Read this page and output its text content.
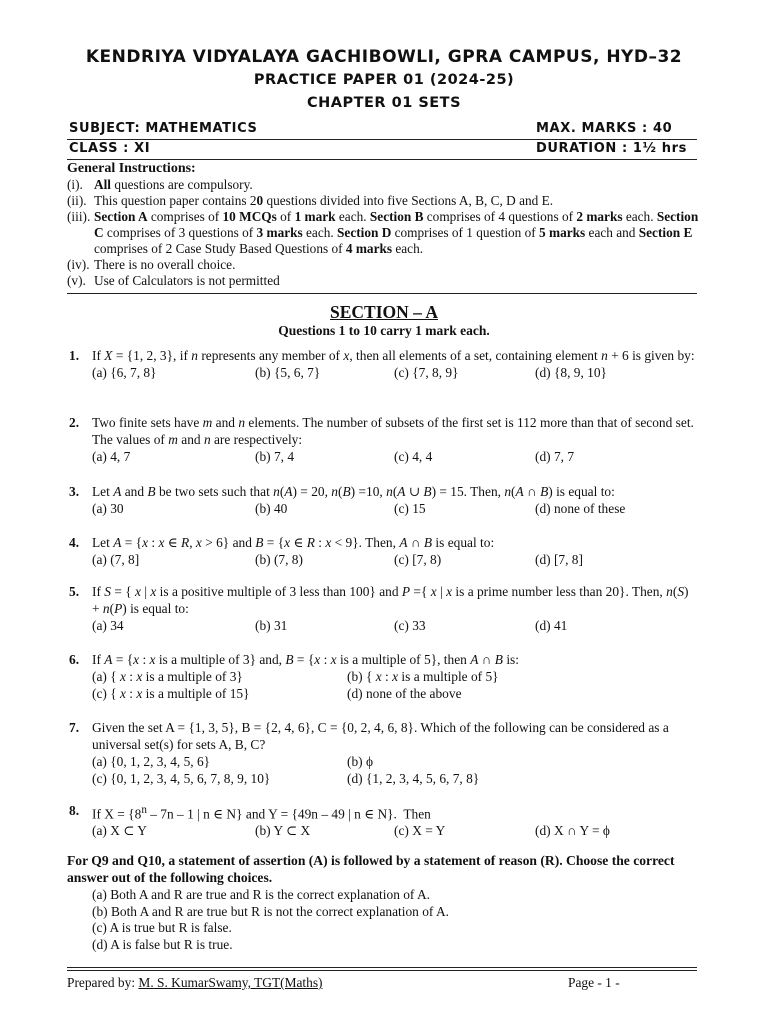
KENDRIYA VIDYALAYA GACHIBOWLI, GPRA CAMPUS, HYD–32
PRACTICE PAPER 01 (2024-25)
CHAPTER 01 SETS
SUBJECT: MATHEMATICS	MAX. MARKS : 40
CLASS : XI	DURATION : 1½ hrs
General Instructions:
(i). All questions are compulsory.
(ii). This question paper contains 20 questions divided into five Sections A, B, C, D and E.
(iii). Section A comprises of 10 MCQs of 1 mark each. Section B comprises of 4 questions of 2 marks each. Section C comprises of 3 questions of 3 marks each. Section D comprises of 1 question of 5 marks each and Section E comprises of 2 Case Study Based Questions of 4 marks each.
(iv). There is no overall choice.
(v). Use of Calculators is not permitted
SECTION – A
Questions 1 to 10 carry 1 mark each.
1. If X = {1, 2, 3}, if n represents any member of x, then all elements of a set, containing element n + 6 is given by:
(a) {6, 7, 8}	(b) {5, 6, 7}	(c) {7, 8, 9}	(d) {8, 9, 10}
2. Two finite sets have m and n elements. The number of subsets of the first set is 112 more than that of second set. The values of m and n are respectively:
(a) 4, 7	(b) 7, 4	(c) 4, 4	(d) 7, 7
3. Let A and B be two sets such that n(A) = 20, n(B) =10, n(A ∪ B) = 15. Then, n(A ∩ B) is equal to:
(a) 30	(b) 40	(c) 15	(d) none of these
4. Let A = {x : x ∈ R, x > 6} and B = {x ∈ R : x < 9}. Then, A ∩ B is equal to:
(a) (7, 8]	(b) (7, 8)	(c) [7, 8)	(d) [7, 8]
5. If S = { x | x is a positive multiple of 3 less than 100} and P ={ x | x is a prime number less than 20}. Then, n(S) + n(P) is equal to:
(a) 34	(b) 31	(c) 33	(d) 41
6. If A = {x : x is a multiple of 3} and, B = {x : x is a multiple of 5}, then A ∩ B is:
(a) { x : x is a multiple of 3}	(b) { x : x is a multiple of 5}
(c) { x : x is a multiple of 15}	(d) none of the above
7. Given the set A = {1, 3, 5}, B = {2, 4, 6}, C = {0, 2, 4, 6, 8}. Which of the following can be considered as a universal set(s) for sets A, B, C?
(a) {0, 1, 2, 3, 4, 5, 6}	(b) ϕ
(c) {0, 1, 2, 3, 4, 5, 6, 7, 8, 9, 10}	(d) {1, 2, 3, 4, 5, 6, 7, 8}
8. If $X = \{8^n - 7n - 1$ | n ∈ N} and Y = {49n – 49 | n ∈ N}.  Then
(a) X ⊂ Y	(b) Y ⊂ X	(c) X = Y	(d) X ∩ Y = ϕ
For Q9 and Q10, a statement of assertion (A) is followed by a statement of reason (R). Choose the correct answer out of the following choices.
(a) Both A and R are true and R is the correct explanation of A.
(b) Both A and R are true but R is not the correct explanation of A.
(c) A is true but R is false.
(d) A is false but R is true.
Prepared by: M. S. KumarSwamy, TGT(Maths)	Page - 1 -
